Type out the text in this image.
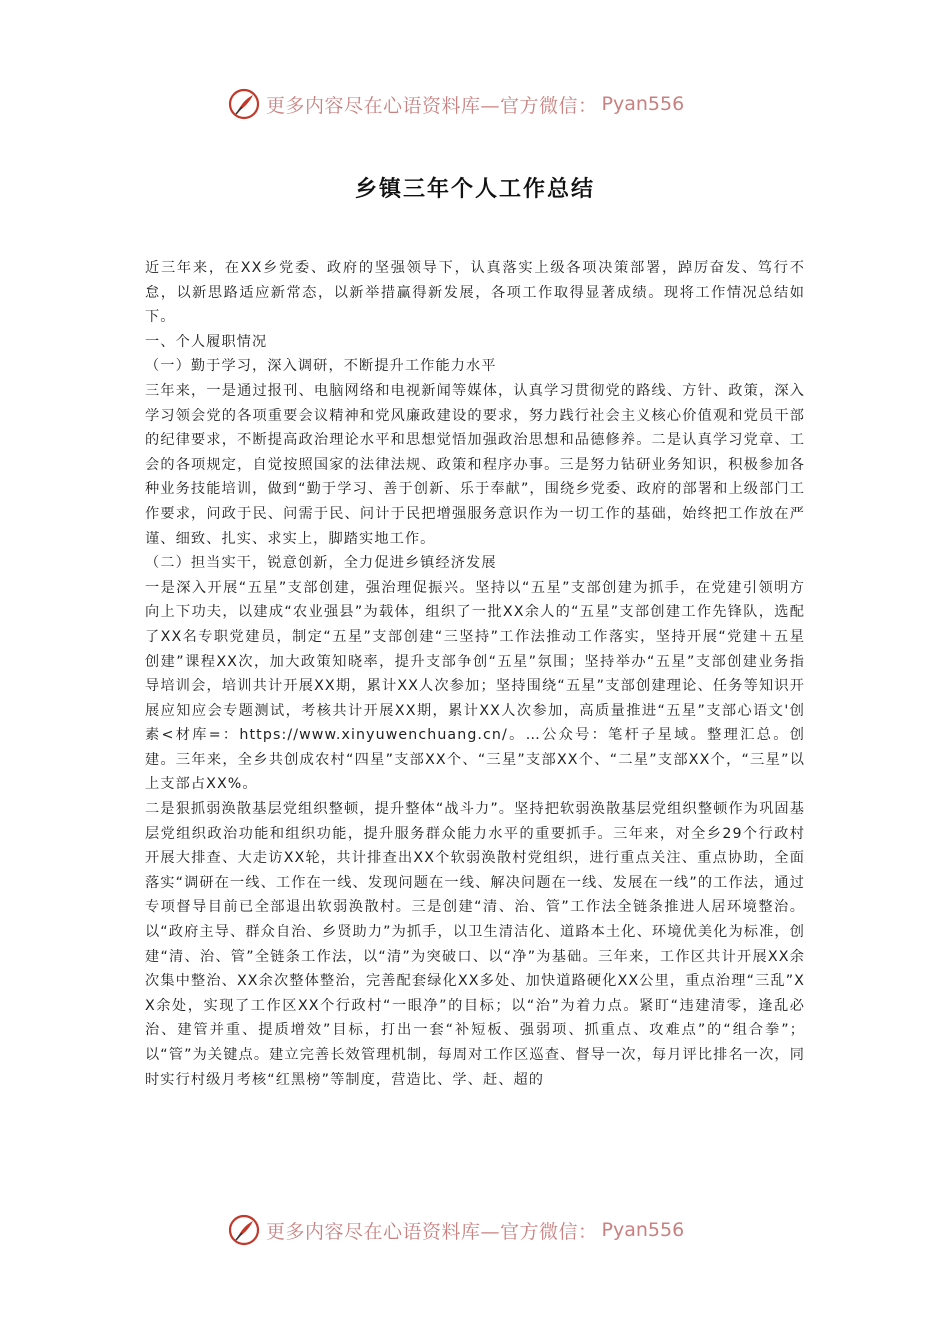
更多内容尽在心语资料库—官方微信： Pyan556
乡镇三年个人工作总结

近三年来，在XX乡党委、政府的坚强领导下，认真落实上级各项决策部署，踔厉奋发、笃行不怠，以新思路适应新常态，以新举措赢得新发展，各项工作取得显著成绩。现将工作情况总结如下。

一、个人履职情况

（一）勤于学习，深入调研，不断提升工作能力水平

三年来，一是通过报刊、电脑网络和电视新闻等媒体，认真学习贯彻党的路线、方针、政策，深入学习领会党的各项重要会议精神和党风廉政建设的要求，努力践行社会主义核心价值观和党员干部的纪律要求，不断提高政治理论水平和思想觉悟加强政治思想和品德修养。二是认真学习党章、工会的各项规定，自觉按照国家的法律法规、政策和程序办事。三是努力钻研业务知识，积极参加各种业务技能培训，做到“勤于学习、善于创新、乐于奉献”，围绕乡党委、政府的部署和上级部门工作要求，问政于民、问需于民、问计于民把增强服务意识作为一切工作的基础，始终把工作放在严谨、细致、扎实、求实上，脚踏实地工作。

（二）担当实干，锐意创新，全力促进乡镇经济发展

一是深入开展“五星”支部创建，强治理促振兴。坚持以“五星”支部创建为抓手，在党建引领明方向上下功夫，以建成“农业强县”为载体，组织了一批XX余人的“五星”支部创建工作先锋队，选配了XX名专职党建员，制定“五星”支部创建“三坚持”工作法推动工作落实，坚持开展“党建＋五星创建”课程XX次，加大政策知晓率，提升支部争创“五星”氛围；坚持举办“五星”支部创建业务指导培训会，培训共计开展XX期，累计XX人次参加；坚持围绕“五星”支部创建理论、任务等知识开展应知应会专题测试，考核共计开展XX期，累计XX人次参加，高质量推进“五星”支部心语文'创素<材库=：https://www.xinyuwenchuang.cn/。…公众号：笔杆子星域。整理汇总。创建。三年来，全乡共创成农村“四星”支部XX个、“三星”支部XX个、“二星”支部XX个，“三星”以上支部占XX%。

二是狠抓弱涣散基层党组织整顿，提升整体“战斗力”。坚持把软弱涣散基层党组织整顿作为巩固基层党组织政治功能和组织功能，提升服务群众能力水平的重要抓手。三年来，对全乡29个行政村开展大排查、大走访XX轮，共计排查出XX个软弱涣散村党组织，进行重点关注、重点协助，全面落实“调研在一线、工作在一线、发现问题在一线、解决问题在一线、发展在一线”的工作法，通过专项督导目前已全部退出软弱涣散村。三是创建“清、治、管”工作法全链条推进人居环境整治。以“政府主导、群众自治、乡贤助力”为抓手，以卫生清洁化、道路本土化、环境优美化为标准，创建“清、治、管”全链条工作法，以“清”为突破口、以“净”为基础。三年来，工作区共计开展XX余次集中整治、XX余次整体整治，完善配套绿化XX多处、加快道路硬化XX公里，重点治理“三乱”XX余处，实现了工作区XX个行政村“一眼净”的目标；以“治”为着力点。紧盯“违建清零，逢乱必治、建管并重、提质增效”目标，打出一套“补短板、强弱项、抓重点、攻难点”的“组合拳”；以“管”为关键点。建立完善长效管理机制，每周对工作区巡查、督导一次，每月评比排名一次，同时实行村级月考核“红黑榜”等制度，营造比、学、赶、超的

更多内容尽在心语资料库—官方微信： Pyan556
